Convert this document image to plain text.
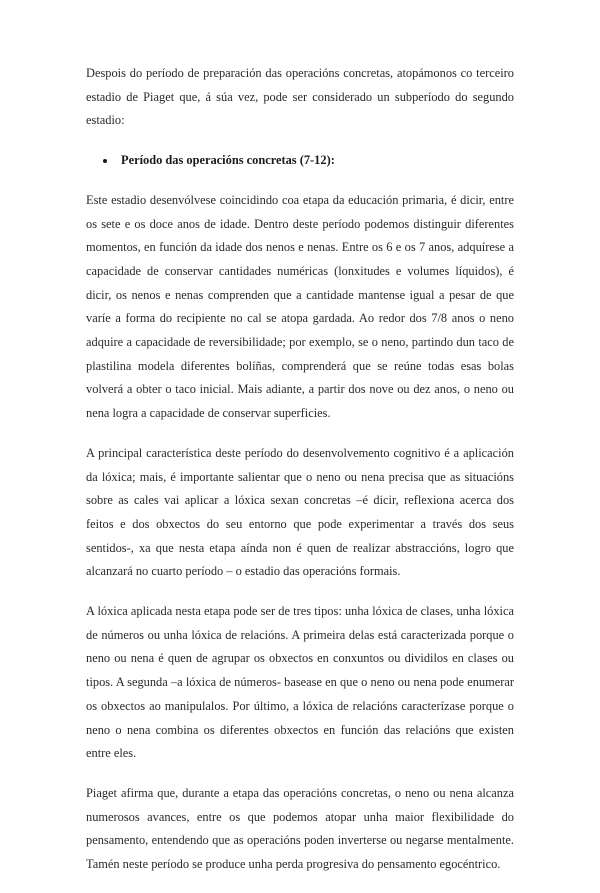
Despois do período de preparación das operacións concretas, atopámonos co terceiro estadio de Piaget que, á súa vez, pode ser considerado un subperíodo do segundo estadio:

Período das operacións concretas (7-12):

Este estadio desenvólvese coincidindo coa etapa da educación primaria, é dicir, entre os sete e os doce anos de idade. Dentro deste período podemos distinguir diferentes momentos, en función da idade dos nenos e nenas. Entre os 6 e os 7 anos, adquírese a capacidade de conservar cantidades numéricas (lonxitudes e volumes líquidos), é dicir, os nenos e nenas comprenden que a cantidade mantense igual a pesar de que varíe a forma do recipiente no cal se atopa gardada. Ao redor dos 7/8 anos o neno adquire a capacidade de reversibilidade; por exemplo, se o neno, partindo dun taco de plastilina modela diferentes bolíñas, comprenderá que se reúne todas esas bolas volverá a obter o taco inicial. Mais adiante, a partir dos nove ou dez anos, o neno ou nena logra a capacidade de conservar superficies.

A principal característica deste período do desenvolvemento cognitivo é a aplicación da lóxica; mais, é importante salientar que o neno ou nena precisa que as situacións sobre as cales vai aplicar a lóxica sexan concretas –é dicir, reflexiona acerca dos feitos e dos obxectos do seu entorno que pode experimentar a través dos seus sentidos-, xa que nesta etapa aínda non é quen de realizar abstraccións, logro que alcanzará no cuarto período – o estadio das operacións formais.

A lóxica aplicada nesta etapa pode ser de tres tipos: unha lóxica de clases, unha lóxica de números ou unha lóxica de relacións. A primeira delas está caracterizada porque o neno ou nena é quen de agrupar os obxectos en conxuntos ou dividilos en clases ou tipos. A segunda –a lóxica de números- basease en que o neno ou nena pode enumerar os obxectos ao manipulalos. Por último, a lóxica de relacións caracterízase porque o neno o nena combina os diferentes obxectos en función das relacións que existen entre eles.

Piaget afirma que, durante a etapa das operacións concretas, o neno ou nena alcanza numerosos avances, entre os que podemos atopar unha maior flexibilidade do pensamento, entendendo que as operacións poden inverterse ou negarse mentalmente. Tamén neste período se produce unha perda progresiva do pensamento egocéntrico.
